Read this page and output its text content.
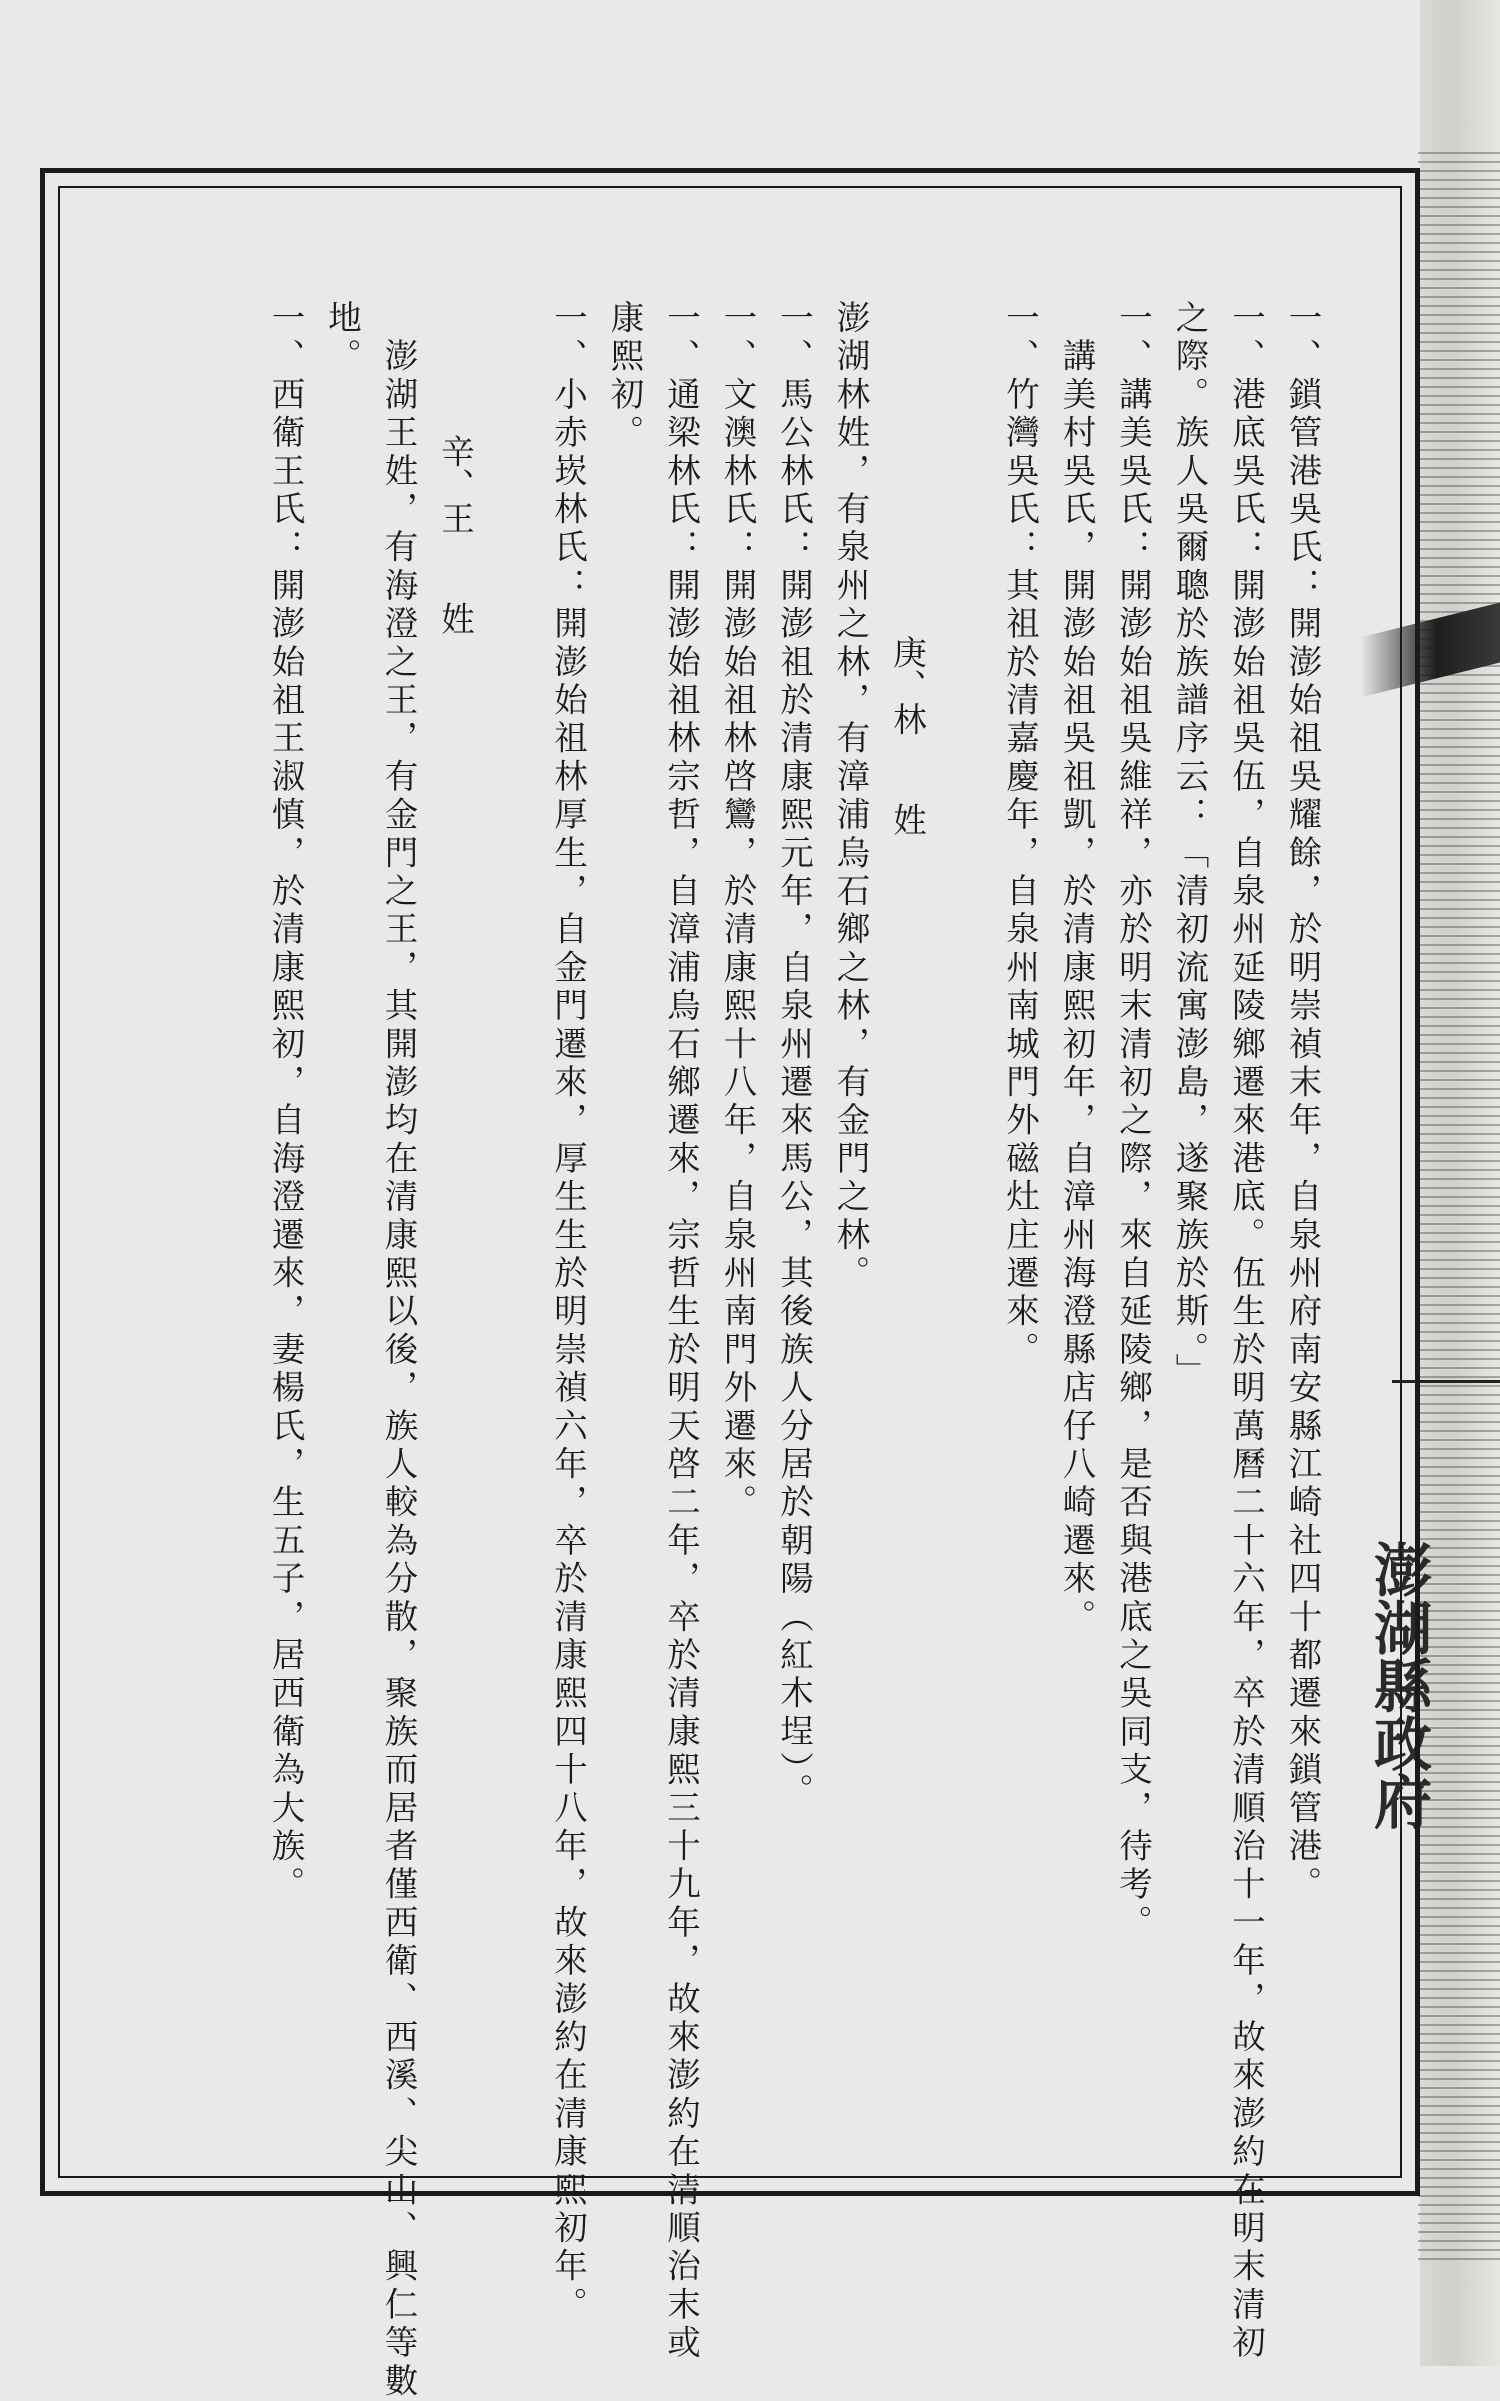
澎湖縣政府
一、鎖管港吳氏：開澎始祖吳耀餘，於明崇禎末年，自泉州府南安縣江崎社四十都遷來鎖管港。
一、港底吳氏：開澎始祖吳伍，自泉州延陵鄉遷來港底。伍生於明萬曆二十六年，卒於清順治十一年，故來澎約在明末清初
之際。族人吳爾聰於族譜序云：「清初流寓澎島，遂聚族於斯。」
一、講美吳氏：開澎始祖吳維祥，亦於明末清初之際，來自延陵鄉，是否與港底之吳同支，待考。
　講美村吳氏，開澎始祖吳祖凱，於清康熙初年，自漳州海澄縣店仔八崎遷來。
一、竹灣吳氏：其祖於清嘉慶年，自泉州南城門外磁灶庄遷來。

　　　　　　　　　　庚、林　　姓
澎湖林姓，有泉州之林，有漳浦烏石鄉之林，有金門之林。
一、馬公林氏：開澎祖於清康熙元年，自泉州遷來馬公，其後族人分居於朝陽（紅木埕）。
一、文澳林氏：開澎始祖林啓鸞，於清康熙十八年，自泉州南門外遷來。
一、通梁林氏：開澎始祖林宗哲，自漳浦烏石鄉遷來，宗哲生於明天啓二年，卒於清康熙三十九年，故來澎約在清順治末或
康熙初。
一、小赤崁林氏：開澎始祖林厚生，自金門遷來，厚生生於明崇禎六年，卒於清康熙四十八年，故來澎約在清康熙初年。

　　　　辛、王　　姓
　澎湖王姓，有海澄之王，有金門之王，其開澎均在清康熙以後，族人較為分散，聚族而居者僅西衛、西溪、尖山、興仁等數
地。
一、西衛王氏：開澎始祖王淑慎，於清康熙初，自海澄遷來，妻楊氏，生五子，居西衛為大族。
